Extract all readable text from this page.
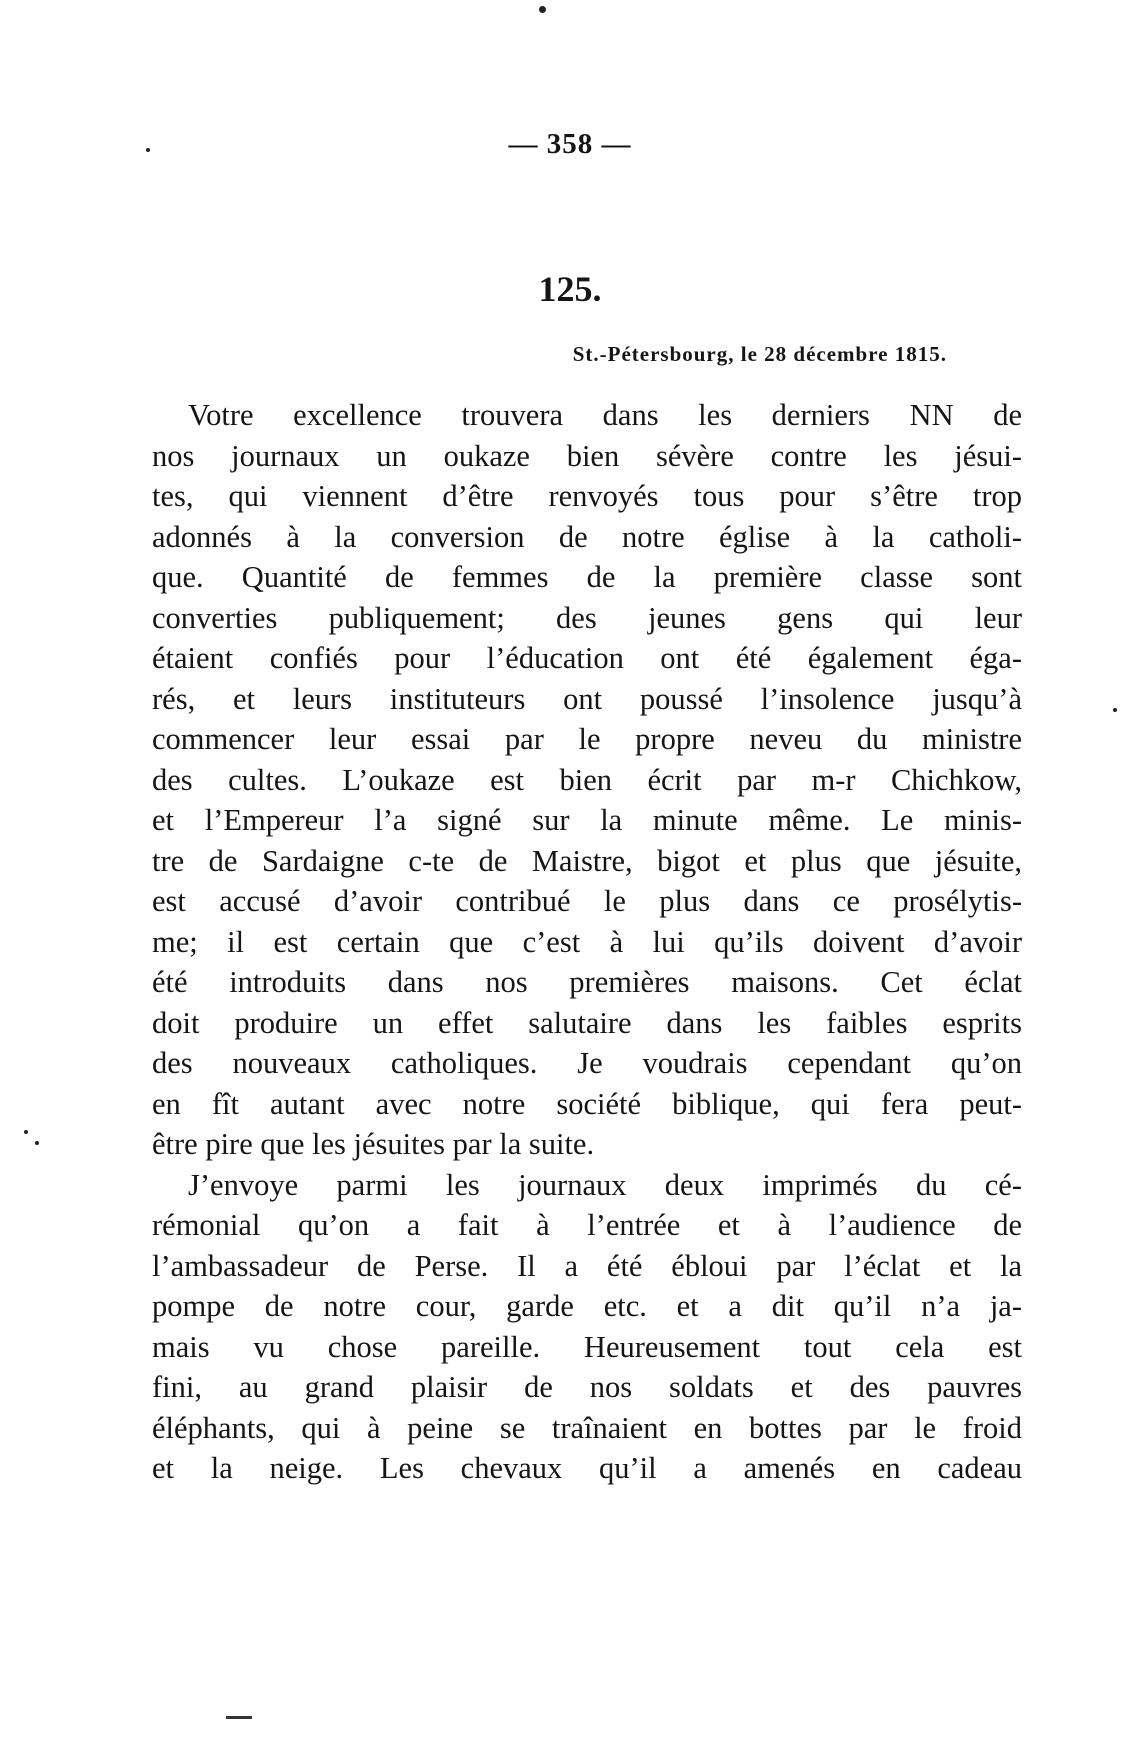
— 358 —
125.
St.-Pétersbourg, le 28 décembre 1815.

Votre excellence trouvera dans les derniers NN de
nos journaux un oukaze bien sévère contre les jésui-
tes, qui viennent d’être renvoyés tous pour s’être trop
adonnés à la conversion de notre église à la catholi-
que. Quantité de femmes de la première classe sont
converties publiquement; des jeunes gens qui leur
étaient confiés pour l’éducation ont été également éga-
rés, et leurs instituteurs ont poussé l’insolence jusqu’à
commencer leur essai par le propre neveu du ministre
des cultes. L’oukaze est bien écrit par m-r Chichkow,
et l’Empereur l’a signé sur la minute même. Le minis-
tre de Sardaigne c-te de Maistre, bigot et plus que jésuite,
est accusé d’avoir contribué le plus dans ce prosélytis-
me; il est certain que c’est à lui qu’ils doivent d’avoir
été introduits dans nos premières maisons. Cet éclat
doit produire un effet salutaire dans les faibles esprits
des nouveaux catholiques. Je voudrais cependant qu’on
en fît autant avec notre société biblique, qui fera peut-
être pire que les jésuites par la suite.

J’envoye parmi les journaux deux imprimés du cé-
rémonial qu’on a fait à l’entrée et à l’audience de
l’ambassadeur de Perse. Il a été ébloui par l’éclat et la
pompe de notre cour, garde etc. et a dit qu’il n’a ja-
mais vu chose pareille. Heureusement tout cela est
fini, au grand plaisir de nos soldats et des pauvres
éléphants, qui à peine se traînaient en bottes par le froid
et la neige. Les chevaux qu’il a amenés en cadeau
